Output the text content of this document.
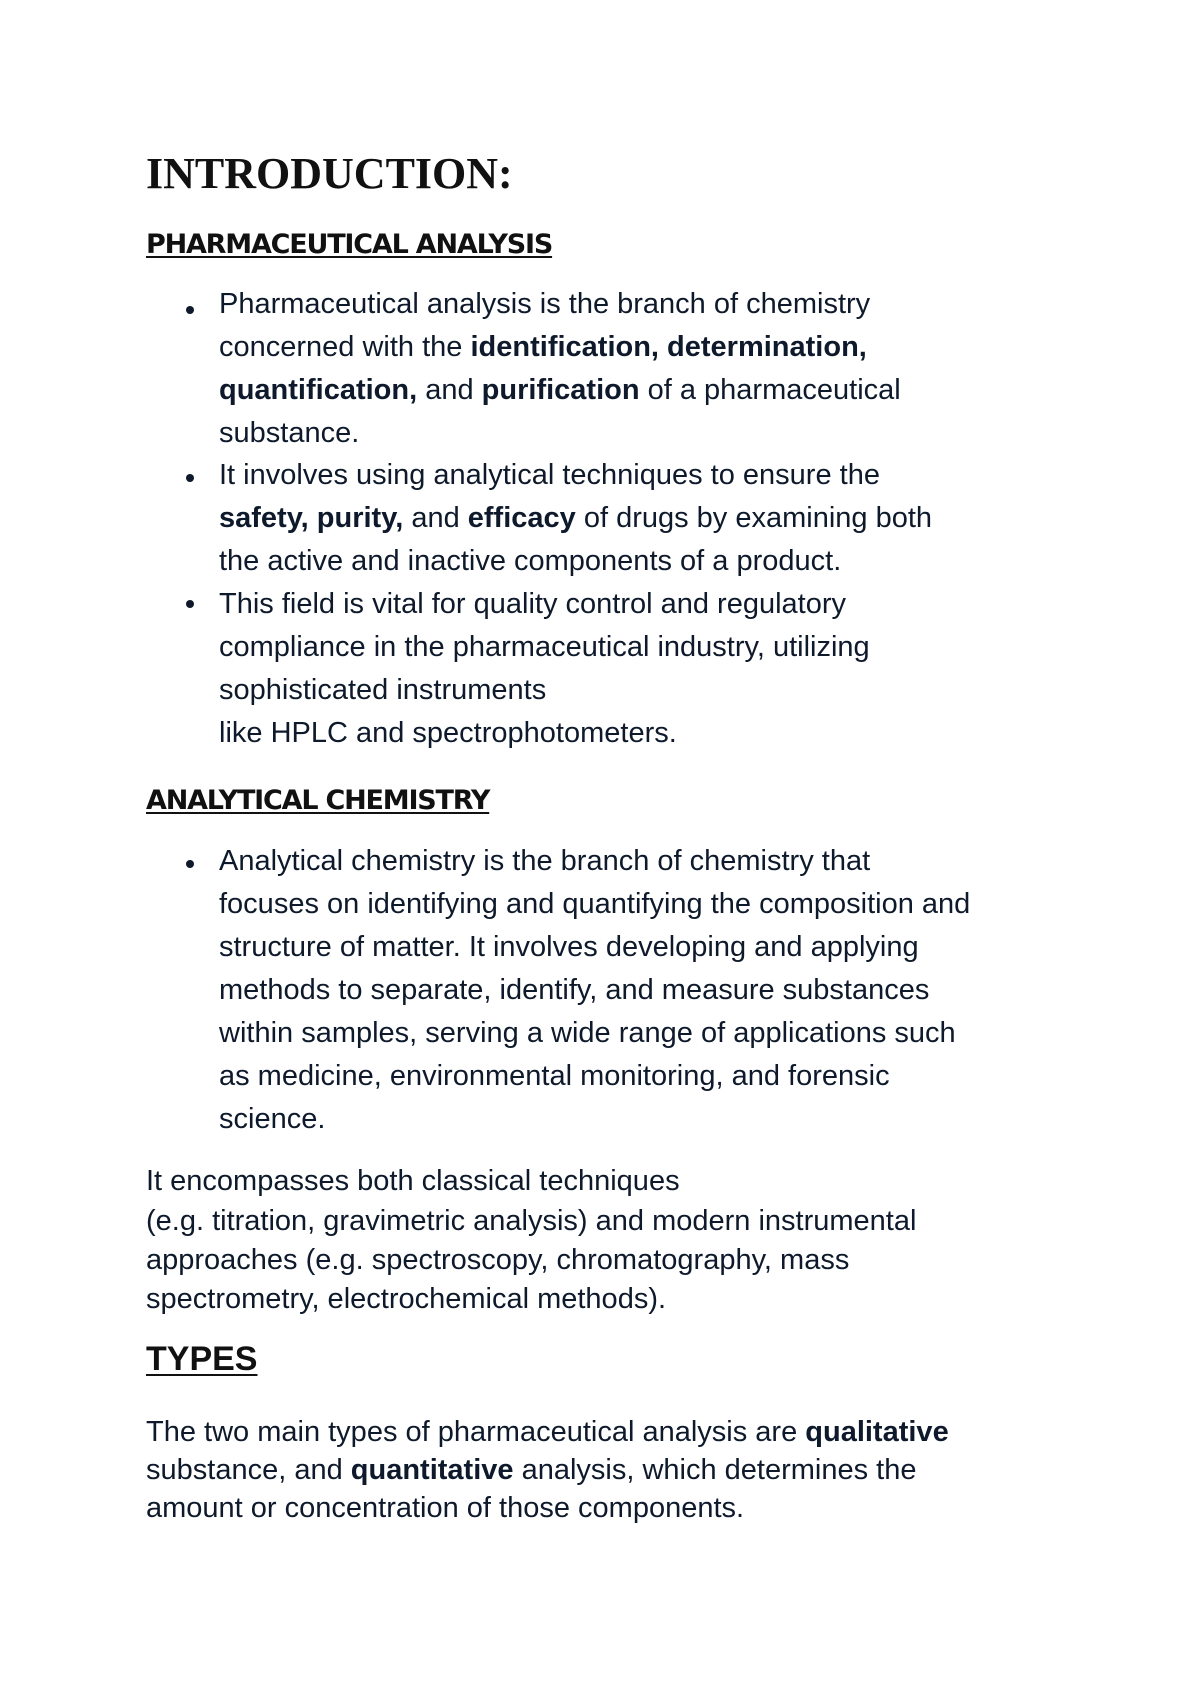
INTRODUCTION:
PHARMACEUTICAL ANALYSIS

Pharmaceutical analysis is the branch of chemistry

concerned with the identification, determination,

quantification, and purification of a pharmaceutical

substance.

It involves using analytical techniques to ensure the

safety, purity, and efficacy of drugs by examining both

the active and inactive components of a product.

This field is vital for quality control and regulatory

compliance in the pharmaceutical industry, utilizing

sophisticated instruments

like HPLC and spectrophotometers.

ANALYTICAL CHEMISTRY

Analytical chemistry is the branch of chemistry that

focuses on identifying and quantifying the composition and

structure of matter. It involves developing and applying

methods to separate, identify, and measure substances

within samples, serving a wide range of applications such

as medicine, environmental monitoring, and forensic

science.

It encompasses both classical techniques

(e.g. titration, gravimetric analysis) and modern instrumental

approaches (e.g. spectroscopy, chromatography, mass

spectrometry, electrochemical methods).

TYPES

The two main types of pharmaceutical analysis are qualitative

substance, and quantitative analysis, which determines the

amount or concentration of those components.
